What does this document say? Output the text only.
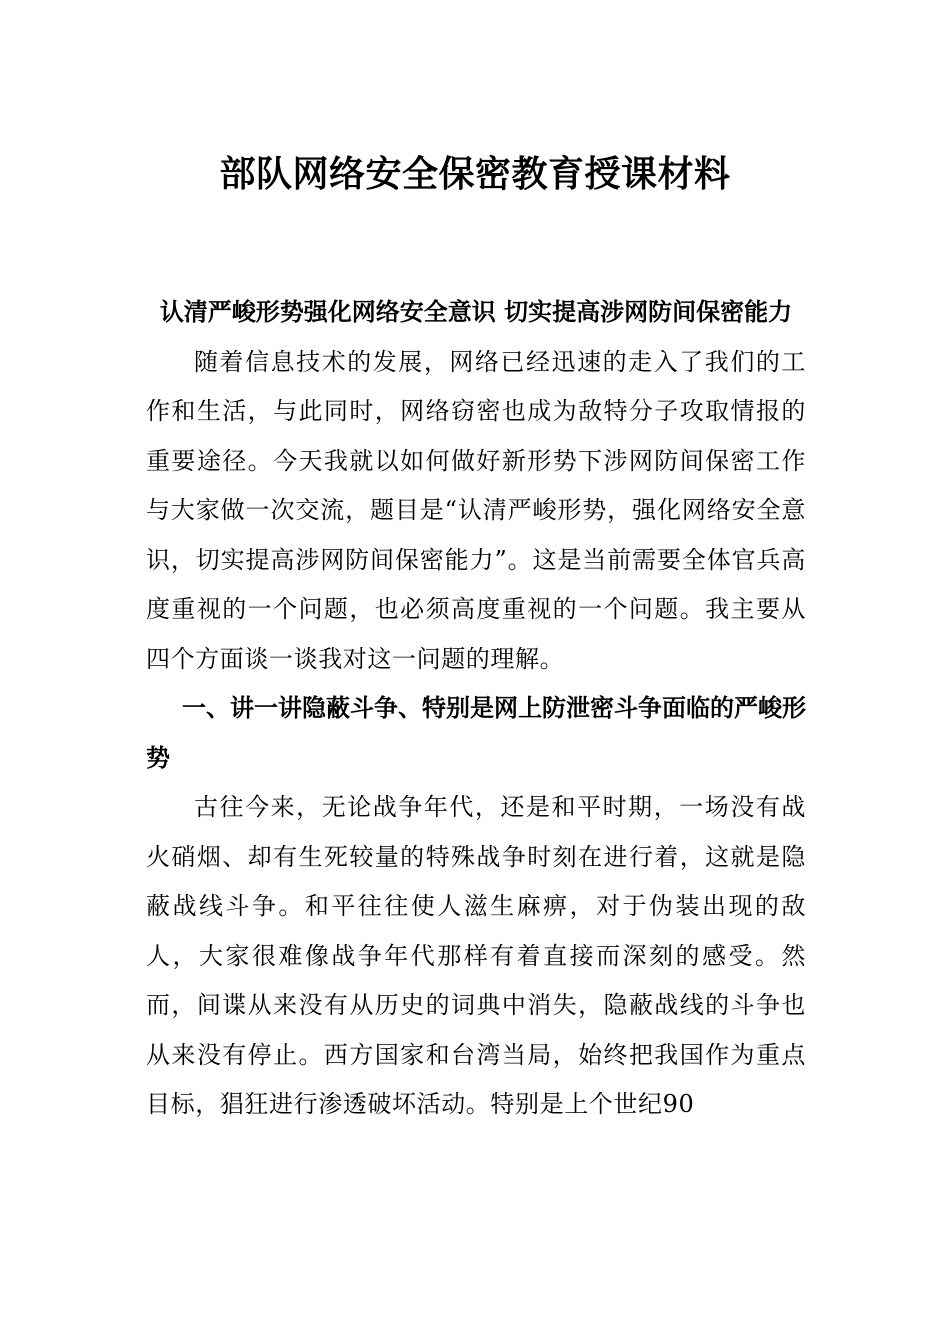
部队网络安全保密教育授课材料

认清严峻形势强化网络安全意识 切实提高涉网防间保密能力

随着信息技术的发展，网络已经迅速的走入了我们的工作和生活，与此同时，网络窃密也成为敌特分子攻取情报的重要途径。今天我就以如何做好新形势下涉网防间保密工作与大家做一次交流，题目是“认清严峻形势，强化网络安全意识，切实提高涉网防间保密能力”。这是当前需要全体官兵高度重视的一个问题，也必须高度重视的一个问题。我主要从四个方面谈一谈我对这一问题的理解。

一、讲一讲隐蔽斗争、特别是网上防泄密斗争面临的严峻形势

古往今来，无论战争年代，还是和平时期，一场没有战火硝烟、却有生死较量的特殊战争时刻在进行着，这就是隐蔽战线斗争。和平往往使人滋生麻痹，对于伪装出现的敌人，大家很难像战争年代那样有着直接而深刻的感受。然而，间谍从来没有从历史的词典中消失，隐蔽战线的斗争也从来没有停止。西方国家和台湾当局，始终把我国作为重点目标，猖狂进行渗透破坏活动。特别是上个世纪90
